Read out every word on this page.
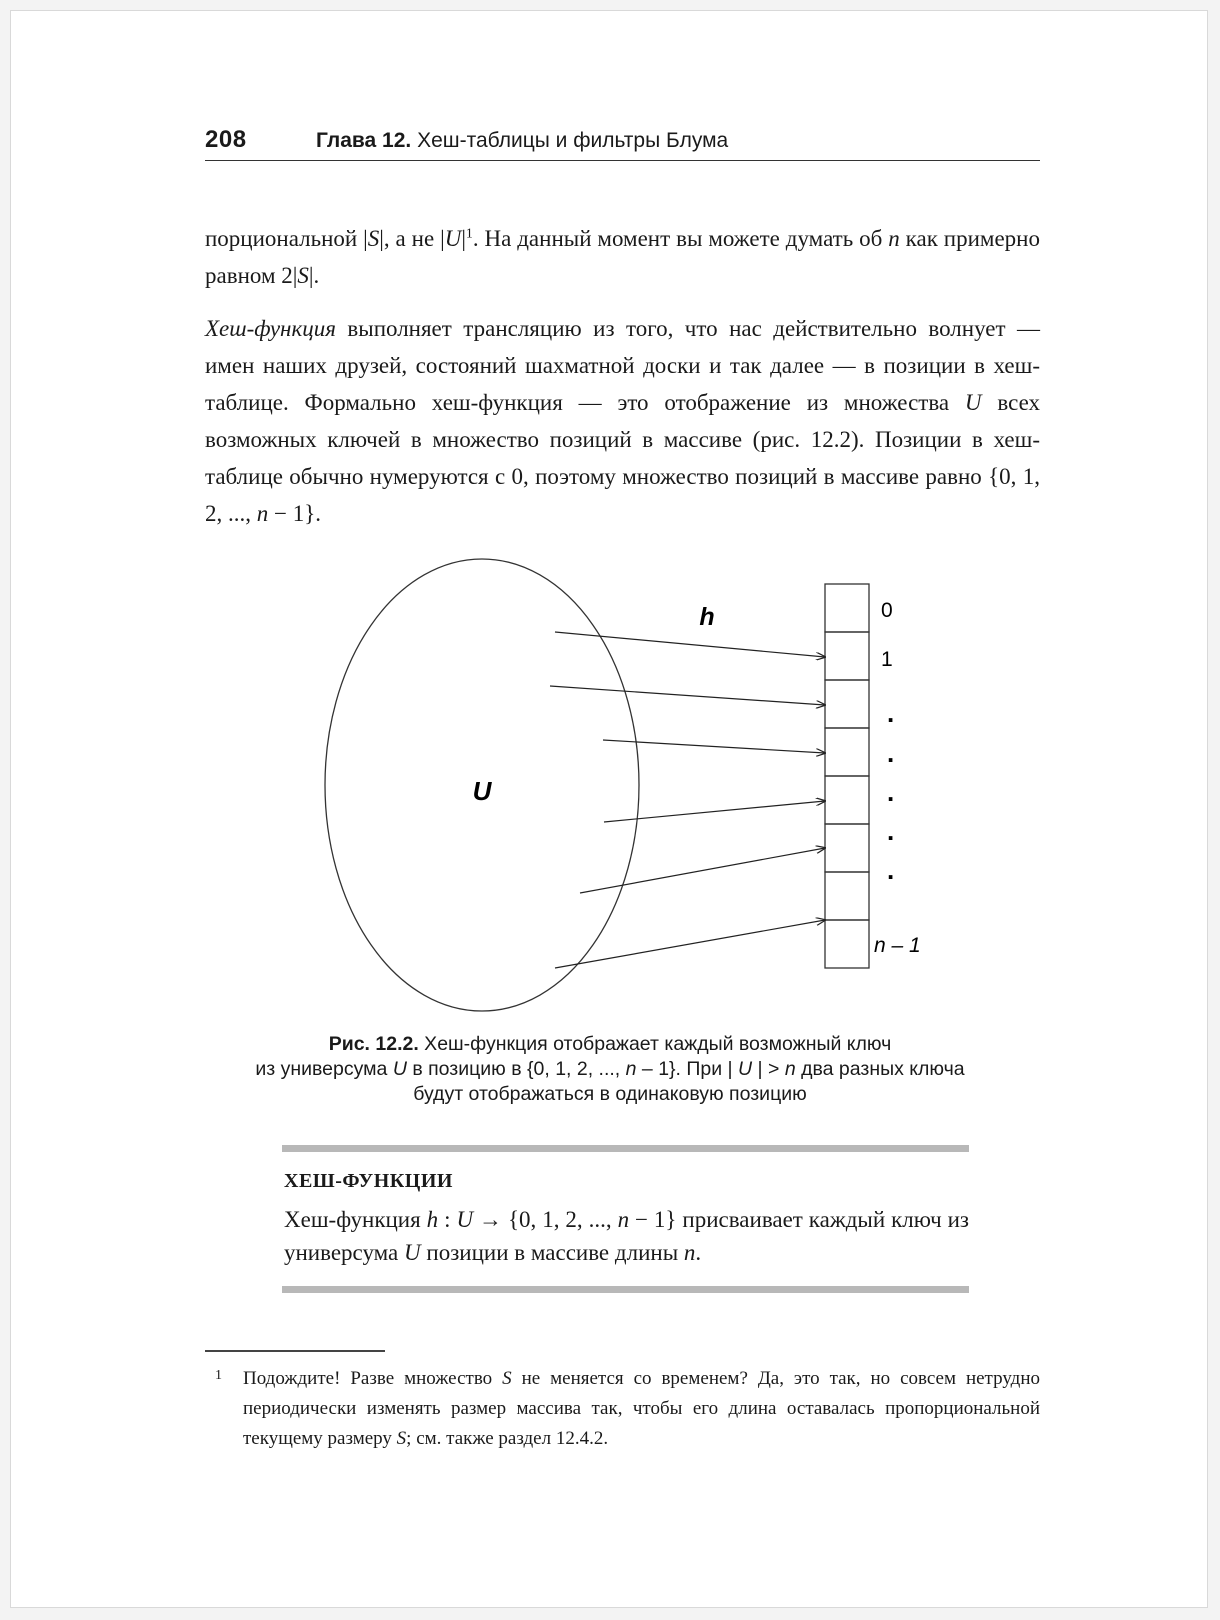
208	Глава 12. Хеш-таблицы и фильтры Блума
порциональной |S|, а не $|U|^1$. На данный момент вы можете думать об n как примерно равном 2|S|.
Хеш-функция выполняет трансляцию из того, что нас действительно волнует — имен наших друзей, состояний шахматной доски и так далее — в позиции в хеш-таблице. Формально хеш-функция — это отображение из множества U всех возможных ключей в множество позиций в массиве (рис. 12.2). Позиции в хеш-таблице обычно нумеруются с 0, поэтому множество позиций в массиве равно {0, 1, 2, ..., n − 1}.
U
h	0
1
.
.
.
.
.
n – 1
Рис. 12.2. Хеш-функция отображает каждый возможный ключ
из универсума U в позицию в {0, 1, 2, ..., n – 1}. При | U | > n два разных ключа
будут отображаться в одинаковую позицию
ХЕШ-ФУНКЦИИ
Хеш-функция h : U → {0, 1, 2, ..., n − 1} присваивает каждый ключ из универсума U позиции в массиве длины n.
1 Подождите! Разве множество S не меняется со временем? Да, это так, но совсем нетрудно периодически изменять размер массива так, чтобы его длина оставалась пропорциональной текущему размеру S; см. также раздел 12.4.2.
